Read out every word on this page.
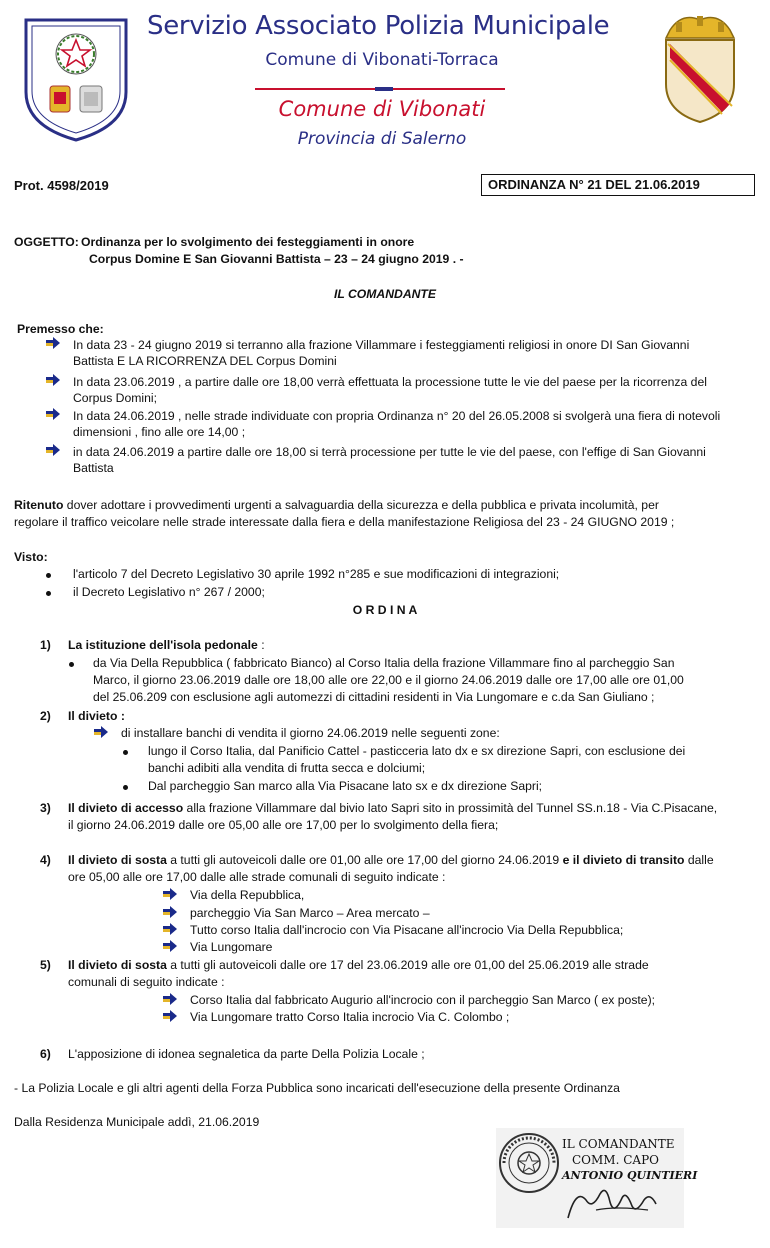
Servizio Associato Polizia Municipale
Comune di Vibonati-Torraca
Comune di Vibonati
Provincia di Salerno
Prot. 4598/2019	ORDINANZA N° 21 DEL 21.06.2019
OGGETTO: Ordinanza per lo svolgimento dei festeggiamenti in onore
Corpus Domine E San Giovanni Battista – 23 – 24 giugno 2019 . -
IL COMANDANTE
Premesso che:
In data 23 - 24 giugno 2019 si terranno alla frazione Villammare i festeggiamenti religiosi in onore DI San Giovanni
Battista E LA RICORRENZA DEL Corpus Domini
In data 23.06.2019 , a partire dalle ore 18,00 verrà effettuata la processione tutte le vie del paese per la ricorrenza del
Corpus Domini;
In data 24.06.2019 , nelle strade individuate con propria Ordinanza n° 20 del 26.05.2008 si svolgerà una fiera di notevoli
dimensioni , fino alle ore 14,00 ;
in data 24.06.2019 a partire dalle ore 18,00 si terrà processione per tutte le vie del paese, con l'effige di San Giovanni
Battista
Ritenuto dover adottare i provvedimenti urgenti a salvaguardia della sicurezza e della pubblica e privata incolumità, per
regolare il traffico veicolare nelle strade interessate dalla fiera e della manifestazione Religiosa del 23 - 24 GIUGNO 2019 ;
Visto:
l'articolo 7 del Decreto Legislativo 30 aprile 1992 n°285 e sue modificazioni di integrazioni;
il Decreto Legislativo n° 267 / 2000;
O R D I N A
1) La istituzione dell'isola pedonale :
da Via Della Repubblica ( fabbricato Bianco) al Corso Italia della frazione Villammare fino al parcheggio San
Marco, il giorno 23.06.2019 dalle ore 18,00 alle ore 22,00 e il giorno 24.06.2019 dalle ore 17,00 alle ore 01,00
del 25.06.209 con esclusione agli automezzi di cittadini residenti in Via Lungomare e c.da San Giuliano ;
2) Il divieto :
di installare banchi di vendita il giorno 24.06.2019 nelle seguenti zone:
lungo il Corso Italia, dal Panificio Cattel - pasticceria lato dx e sx direzione Sapri, con esclusione dei
banchi adibiti alla vendita di frutta secca e dolciumi;
Dal parcheggio San marco alla Via Pisacane lato sx e dx direzione Sapri;
3) Il divieto di accesso alla frazione Villammare dal bivio lato Sapri sito in prossimità del Tunnel SS.n.18 - Via C.Pisacane,
il giorno 24.06.2019 dalle ore 05,00 alle ore 17,00 per lo svolgimento della fiera;
4) Il divieto di sosta a tutti gli autoveicoli dalle ore 01,00 alle ore 17,00 del giorno 24.06.2019 e il divieto di transito dalle
ore 05,00 alle ore 17,00 dalle alle strade comunali di seguito indicate :
Via della Repubblica,
parcheggio Via San Marco – Area mercato –
Tutto corso Italia dall'incrocio con Via Pisacane all'incrocio Via Della Repubblica;
Via Lungomare
5) Il divieto di sosta a tutti gli autoveicoli dalle ore 17 del 23.06.2019 alle ore 01,00 del 25.06.2019 alle strade
comunali di seguito indicate :
Corso Italia dal fabbricato Augurio all'incrocio con il parcheggio San Marco ( ex poste);
Via Lungomare tratto Corso Italia incrocio Via C. Colombo ;
6) L'apposizione di idonea segnaletica da parte Della Polizia Locale ;
- La Polizia Locale e gli altri agenti della Forza Pubblica sono incaricati dell'esecuzione della presente Ordinanza
Dalla Residenza Municipale addì, 21.06.2019
IL COMANDANTE
COMM. CAPO
ANTONIO QUINTIERI
